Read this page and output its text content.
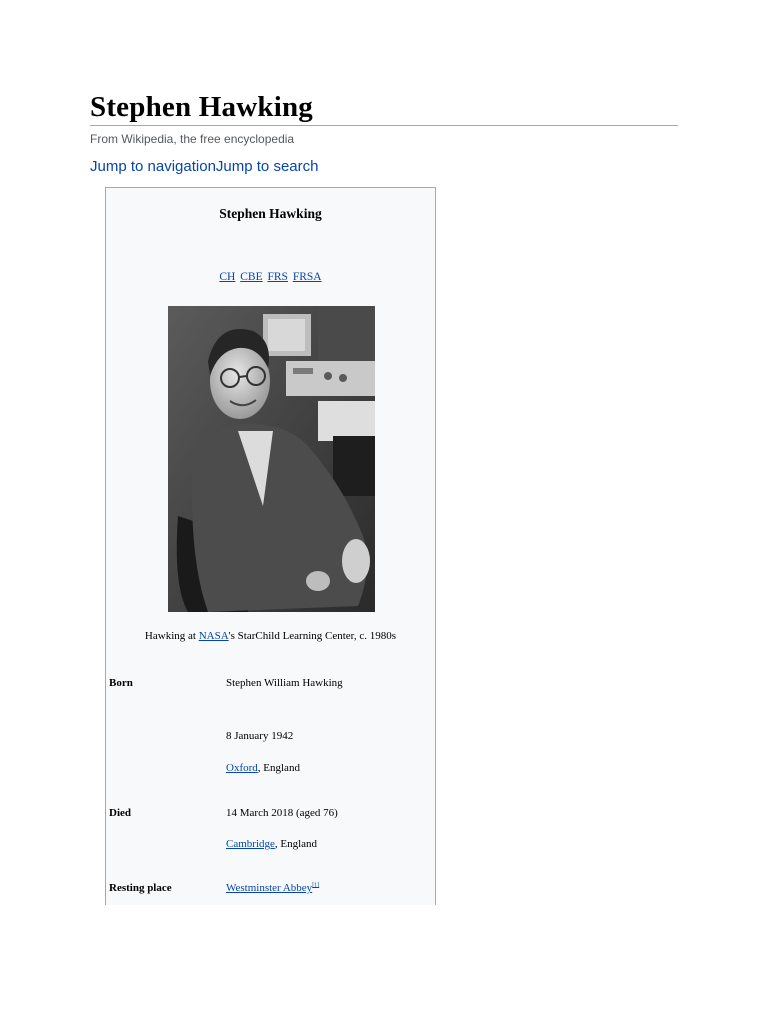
Stephen Hawking
From Wikipedia, the free encyclopedia
Jump to navigationJump to search
Stephen Hawking
CH CBE FRS FRSA
Hawking at NASA's StarChild Learning Center, c. 1980s
Born	Stephen William Hawking
8 January 1942
Oxford, England
Died	14 March 2018 (aged 76)
Cambridge, England
Resting place	Westminster Abbey[1]
